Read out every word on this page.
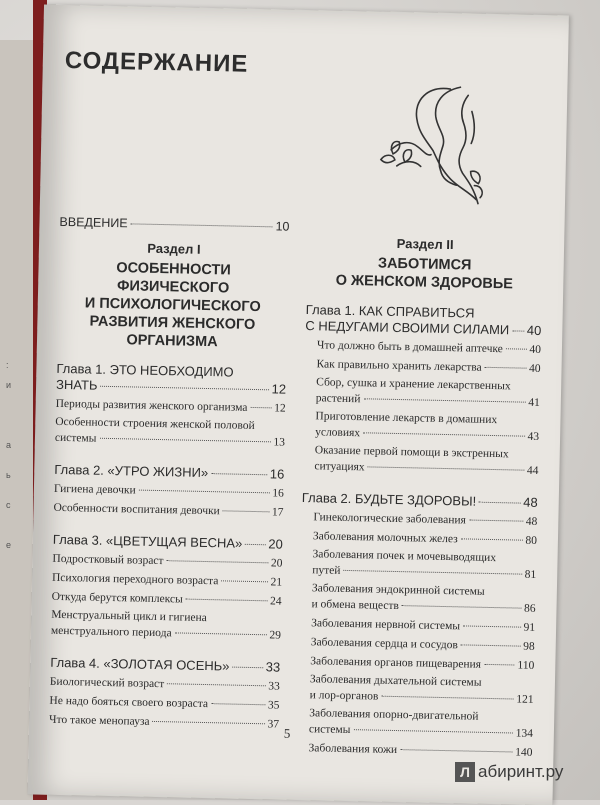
:
и
а
ь
с
е
СОДЕРЖАНИЕ
ВВЕДЕНИЕ	10
Раздел I
ОСОБЕННОСТИ ФИЗИЧЕСКОГО
И ПСИХОЛОГИЧЕСКОГО
РАЗВИТИЯ ЖЕНСКОГО
ОРГАНИЗМА
Глава 1. ЭТО НЕОБХОДИМО
ЗНАТЬ	12
Периоды развития женского организма 12
Особенности строения женской половой
системы	13
Глава 2. «УТРО ЖИЗНИ»	16
Гигиена девочки	16
Особенности воспитания девочки	17
Глава 3. «ЦВЕТУЩАЯ ВЕСНА» 20
Подростковый возраст	20
Психология переходного возраста	21
Откуда берутся комплексы	24
Менструальный цикл и гигиена
менструального периода	29
Глава 4. «ЗОЛОТАЯ ОСЕНЬ»	33
Биологический возраст	33
Не надо бояться своего возраста	35
Что такое менопауза	37
Раздел II
ЗАБОТИМСЯ
О ЖЕНСКОМ ЗДОРОВЬЕ
Глава 1. КАК СПРАВИТЬСЯ
С НЕДУГАМИ СВОИМИ СИЛАМИ 40
Что должно быть в домашней аптечке 40
Как правильно хранить лекарства	40
Сбор, сушка и хранение лекарственных
растений	41
Приготовление лекарств в домашних
условиях	43
Оказание первой помощи в экстренных
ситуациях	44
Глава 2. БУДЬТЕ ЗДОРОВЫ!	48
Гинекологические заболевания	48
Заболевания молочных желез	80
Заболевания почек и мочевыводящих
путей	81
Заболевания эндокринной системы
и обмена веществ	86
Заболевания нервной системы	91
Заболевания сердца и сосудов	98
Заболевания органов пищеварения	110
Заболевания дыхательной системы
и лор-органов	121
Заболевания опорно-двигательной
системы	134
Заболевания кожи	140
5
Л абиринт.ру
